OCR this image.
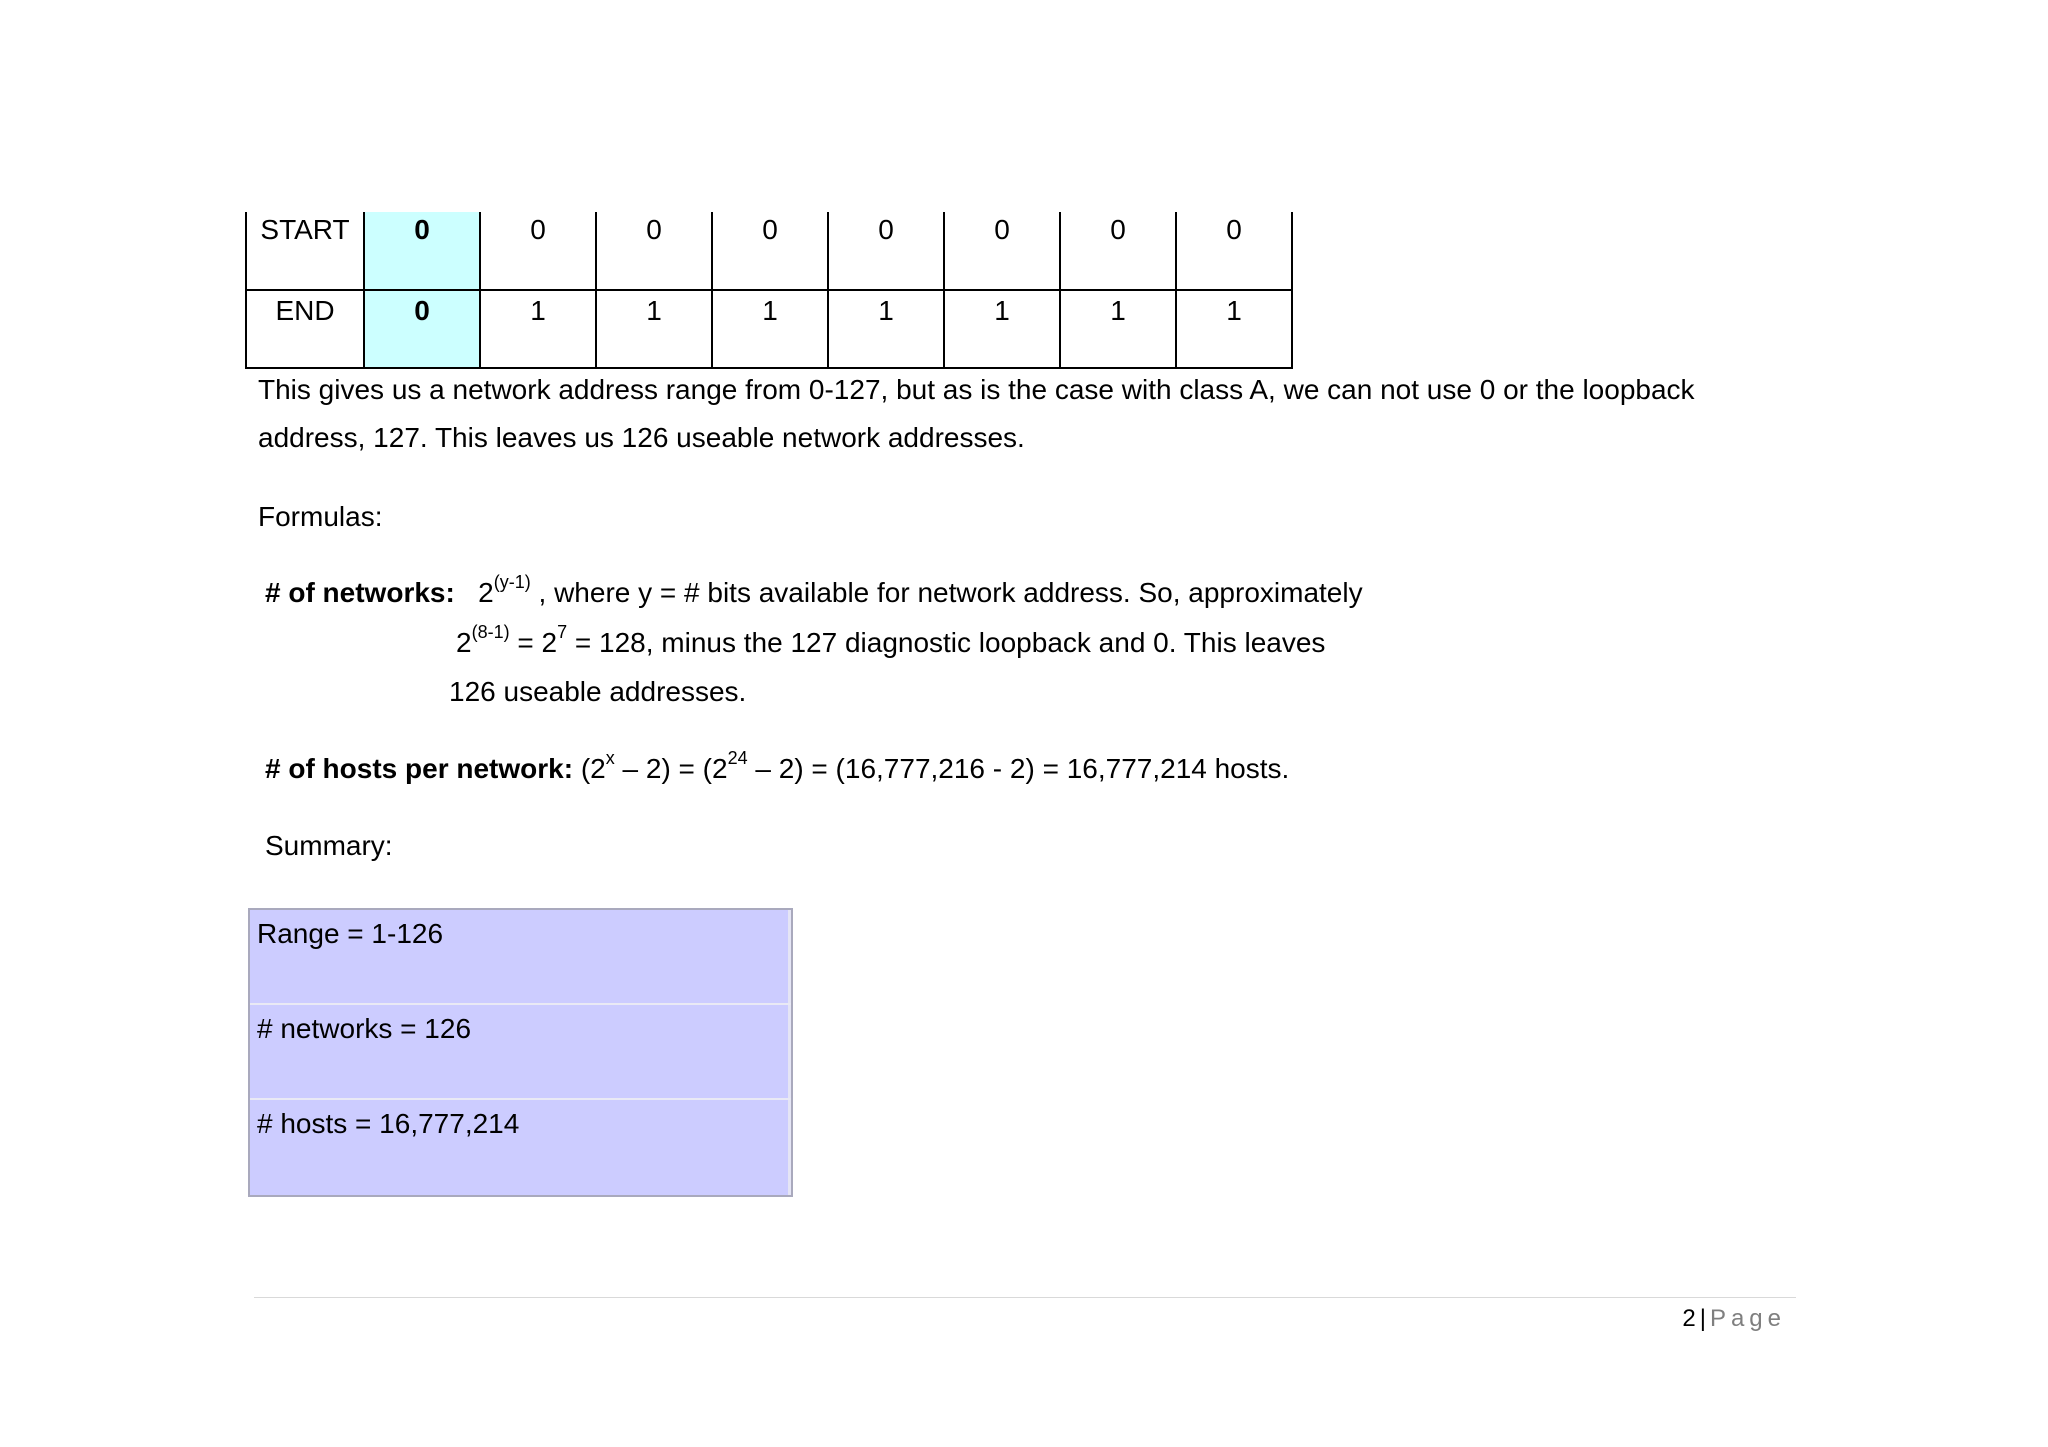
START	0	0	0	0	0	0	0	0
END	0	1	1	1	1	1	1	1
This gives us a network address range from 0-127, but as is the case with class A, we can not use 0 or the loopback
address, 127. This leaves us 126 useable network addresses.
Formulas:
# of networks: 2$^{(y-1)}$ , where y = # bits available for network address. So, approximately
$2^{(8-1)} = 2^7 = 128$, minus the 127 diagnostic loopback and 0. This leaves
126 useable addresses.
# of hosts per network: $(2^x - 2) = (2^{24} - 2) = (16,777,216 - 2) = 16,777,214$ hosts.
Summary:
Range = 1-126
# networks = 126
# hosts = 16,777,214
2 | Page
